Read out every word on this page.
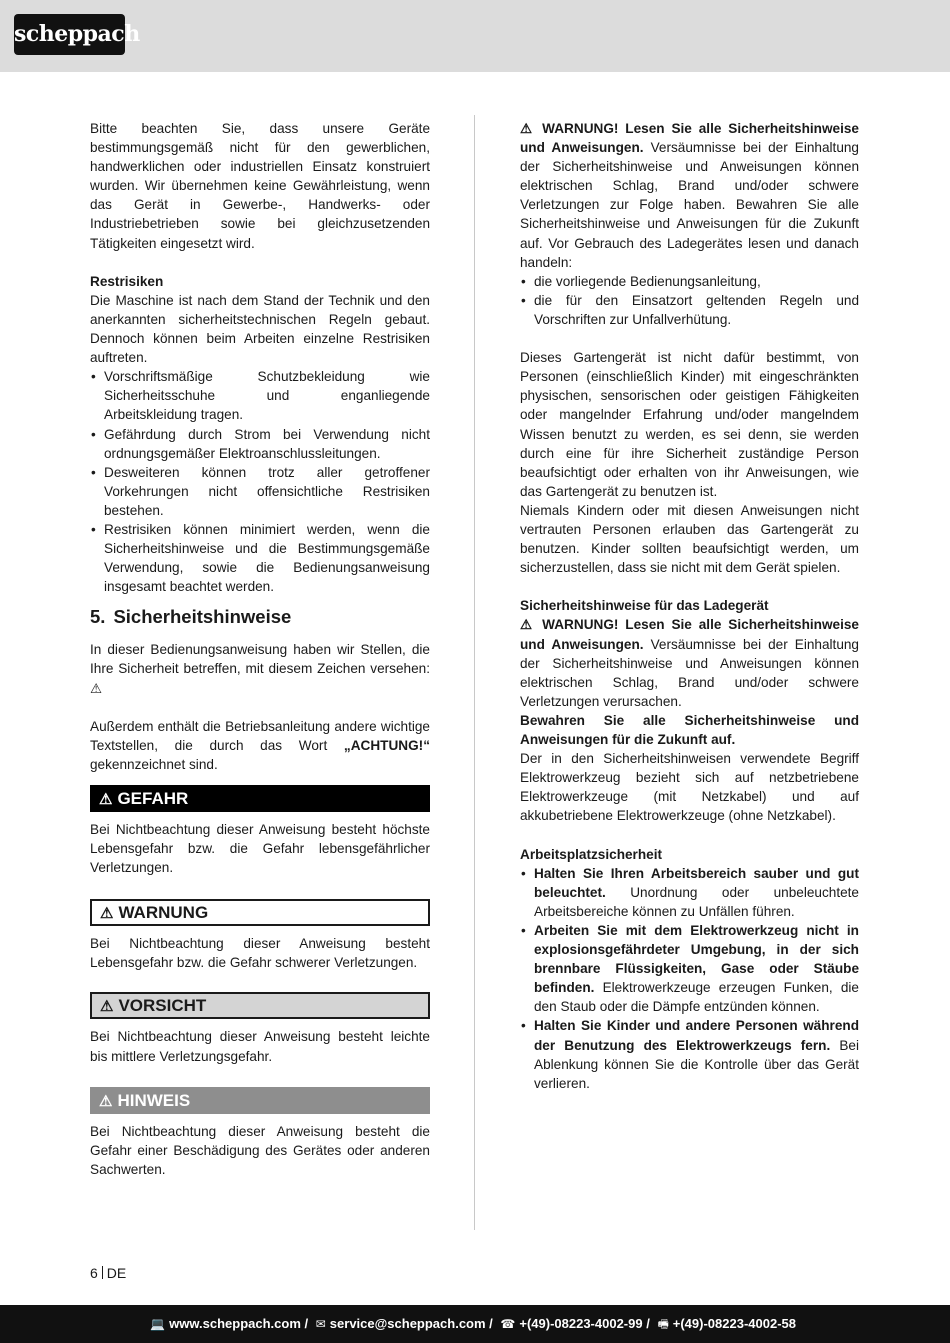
scheppach

Bitte beachten Sie, dass unsere Geräte bestimmungsgemäß nicht für den gewerblichen, handwerklichen oder industriellen Einsatz konstruiert wurden. Wir übernehmen keine Gewährleistung, wenn das Gerät in Gewerbe-, Handwerks- oder Industriebetrieben sowie bei gleichzusetzenden Tätigkeiten eingesetzt wird.

Restrisiken

Die Maschine ist nach dem Stand der Technik und den anerkannten sicherheitstechnischen Regeln gebaut. Dennoch können beim Arbeiten einzelne Restrisiken auftreten.

• Vorschriftsmäßige Schutzbekleidung wie Sicherheitsschuhe und enganliegende Arbeitskleidung tragen.
• Gefährdung durch Strom bei Verwendung nicht ordnungsgemäßer Elektroanschlussleitungen.
• Desweiteren können trotz aller getroffener Vorkehrungen nicht offensichtliche Restrisiken bestehen.
• Restrisiken können minimiert werden, wenn die Sicherheitshinweise und die Bestimmungsgemäße Verwendung, sowie die Bedienungsanweisung insgesamt beachtet werden.
5. Sicherheitshinweise

In dieser Bedienungsanweisung haben wir Stellen, die Ihre Sicherheit betreffen, mit diesem Zeichen versehen: ⚠

Außerdem enthält die Betriebsanleitung andere wichtige Textstellen, die durch das Wort „ACHTUNG!“ gekennzeichnet sind.

⚠ GEFAHR

Bei Nichtbeachtung dieser Anweisung besteht höchste Lebensgefahr bzw. die Gefahr lebensgefährlicher Verletzungen.

⚠ WARNUNG

Bei Nichtbeachtung dieser Anweisung besteht Lebensgefahr bzw. die Gefahr schwerer Verletzungen.

⚠ VORSICHT

Bei Nichtbeachtung dieser Anweisung besteht leichte bis mittlere Verletzungsgefahr.

⚠ HINWEIS

Bei Nichtbeachtung dieser Anweisung besteht die Gefahr einer Beschädigung des Gerätes oder anderen Sachwerten.

⚠ WARNUNG! Lesen Sie alle Sicherheitshinweise und Anweisungen. Versäumnisse bei der Einhaltung der Sicherheitshinweise und Anweisungen können elektrischen Schlag, Brand und/oder schwere Verletzungen zur Folge haben. Bewahren Sie alle Sicherheitshinweise und Anweisungen für die Zukunft auf. Vor Gebrauch des Ladegerätes lesen und danach handeln:

• die vorliegende Bedienungsanleitung,
• die für den Einsatzort geltenden Regeln und Vorschriften zur Unfallverhütung.

Dieses Gartengerät ist nicht dafür bestimmt, von Personen (einschließlich Kinder) mit eingeschränkten physischen, sensorischen oder geistigen Fähigkeiten oder mangelnder Erfahrung und/oder mangelndem Wissen benutzt zu werden, es sei denn, sie werden durch eine für ihre Sicherheit zuständige Person beaufsichtigt oder erhalten von ihr Anweisungen, wie das Gartengerät zu benutzen ist.

Niemals Kindern oder mit diesen Anweisungen nicht vertrauten Personen erlauben das Gartengerät zu benutzen. Kinder sollten beaufsichtigt werden, um sicherzustellen, dass sie nicht mit dem Gerät spielen.

Sicherheitshinweise für das Ladegerät

⚠ WARNUNG! Lesen Sie alle Sicherheitshinweise und Anweisungen. Versäumnisse bei der Einhaltung der Sicherheitshinweise und Anweisungen können elektrischen Schlag, Brand und/oder schwere Verletzungen verursachen.

Bewahren Sie alle Sicherheitshinweise und Anweisungen für die Zukunft auf.

Der in den Sicherheitshinweisen verwendete Begriff Elektrowerkzeug bezieht sich auf netzbetriebene Elektrowerkzeuge (mit Netzkabel) und auf akkubetriebene Elektrowerkzeuge (ohne Netzkabel).

Arbeitsplatzsicherheit
• Halten Sie Ihren Arbeitsbereich sauber und gut beleuchtet. Unordnung oder unbeleuchtete Arbeitsbereiche können zu Unfällen führen.
• Arbeiten Sie mit dem Elektrowerkzeug nicht in explosionsgefährdeter Umgebung, in der sich brennbare Flüssigkeiten, Gase oder Stäube befinden. Elektrowerkzeuge erzeugen Funken, die den Staub oder die Dämpfe entzünden können.
• Halten Sie Kinder und andere Personen während der Benutzung des Elektrowerkzeugs fern. Bei Ablenkung können Sie die Kontrolle über das Gerät verlieren.
6 DE
💻 www.scheppach.com / ✉ service@scheppach.com / ☎ +(49)-08223-4002-99 / 🖷 +(49)-08223-4002-58
